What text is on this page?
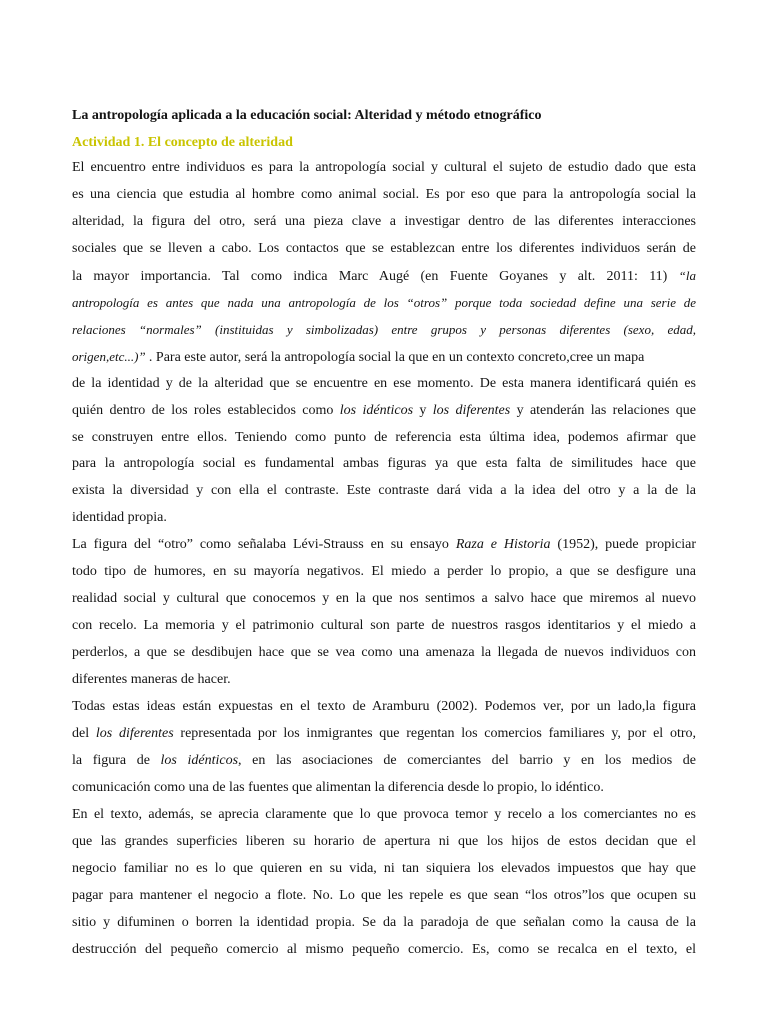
La antropología aplicada a la educación social: Alteridad y método etnográfico
Actividad 1. El concepto de alteridad
El encuentro entre individuos es para la antropología social y cultural el sujeto de estudio dado que esta
es una ciencia que estudia al hombre como animal social. Es por eso que para la antropología social la
alteridad, la figura del otro, será una pieza clave a investigar dentro de las diferentes interacciones
sociales que se lleven a cabo. Los contactos que se establezcan entre los diferentes individuos serán de
la mayor importancia. Tal como indica Marc Augé (en Fuente Goyanes y alt. 2011: 11) “la
antropología es antes que nada una antropología de los “otros” porque toda sociedad define una serie de
relaciones “normales” (instituidas y simbolizadas) entre grupos y personas diferentes (sexo, edad,
origen,etc...)” . Para este autor, será la antropología social la que en un contexto concreto,cree un mapa
de la identidad y de la alteridad que se encuentre en ese momento. De esta manera identificará quién es
quién dentro de los roles establecidos como los idénticos y los diferentes y atenderán las relaciones que
se construyen entre ellos. Teniendo como punto de referencia esta última idea, podemos afirmar que
para la antropología social es fundamental ambas figuras ya que esta falta de similitudes hace que
exista la diversidad y con ella el contraste. Este contraste dará vida a la idea del otro y a la de la
identidad propia.
La figura del “otro” como señalaba Lévi-Strauss en su ensayo Raza e Historia (1952), puede propiciar
todo tipo de humores, en su mayoría negativos. El miedo a perder lo propio, a que se desfigure una
realidad social y cultural que conocemos y en la que nos sentimos a salvo hace que miremos al nuevo
con recelo. La memoria y el patrimonio cultural son parte de nuestros rasgos identitarios y el miedo a
perderlos, a que se desdibujen hace que se vea como una amenaza la llegada de nuevos individuos con
diferentes maneras de hacer.
Todas estas ideas están expuestas en el texto de Aramburu (2002). Podemos ver, por un lado,la figura
del los diferentes representada por los inmigrantes que regentan los comercios familiares y, por el otro,
la figura de los idénticos, en las asociaciones de comerciantes del barrio y en los medios de
comunicación como una de las fuentes que alimentan la diferencia desde lo propio, lo idéntico.
En el texto, además, se aprecia claramente que lo que provoca temor y recelo a los comerciantes no es
que las grandes superficies liberen su horario de apertura ni que los hijos de estos decidan que el
negocio familiar no es lo que quieren en su vida, ni tan siquiera los elevados impuestos que hay que
pagar para mantener el negocio a flote. No. Lo que les repele es que sean “los otros”los que ocupen su
sitio y difuminen o borren la identidad propia. Se da la paradoja de que señalan como la causa de la
destrucción del pequeño comercio al mismo pequeño comercio. Es, como se recalca en el texto, el
